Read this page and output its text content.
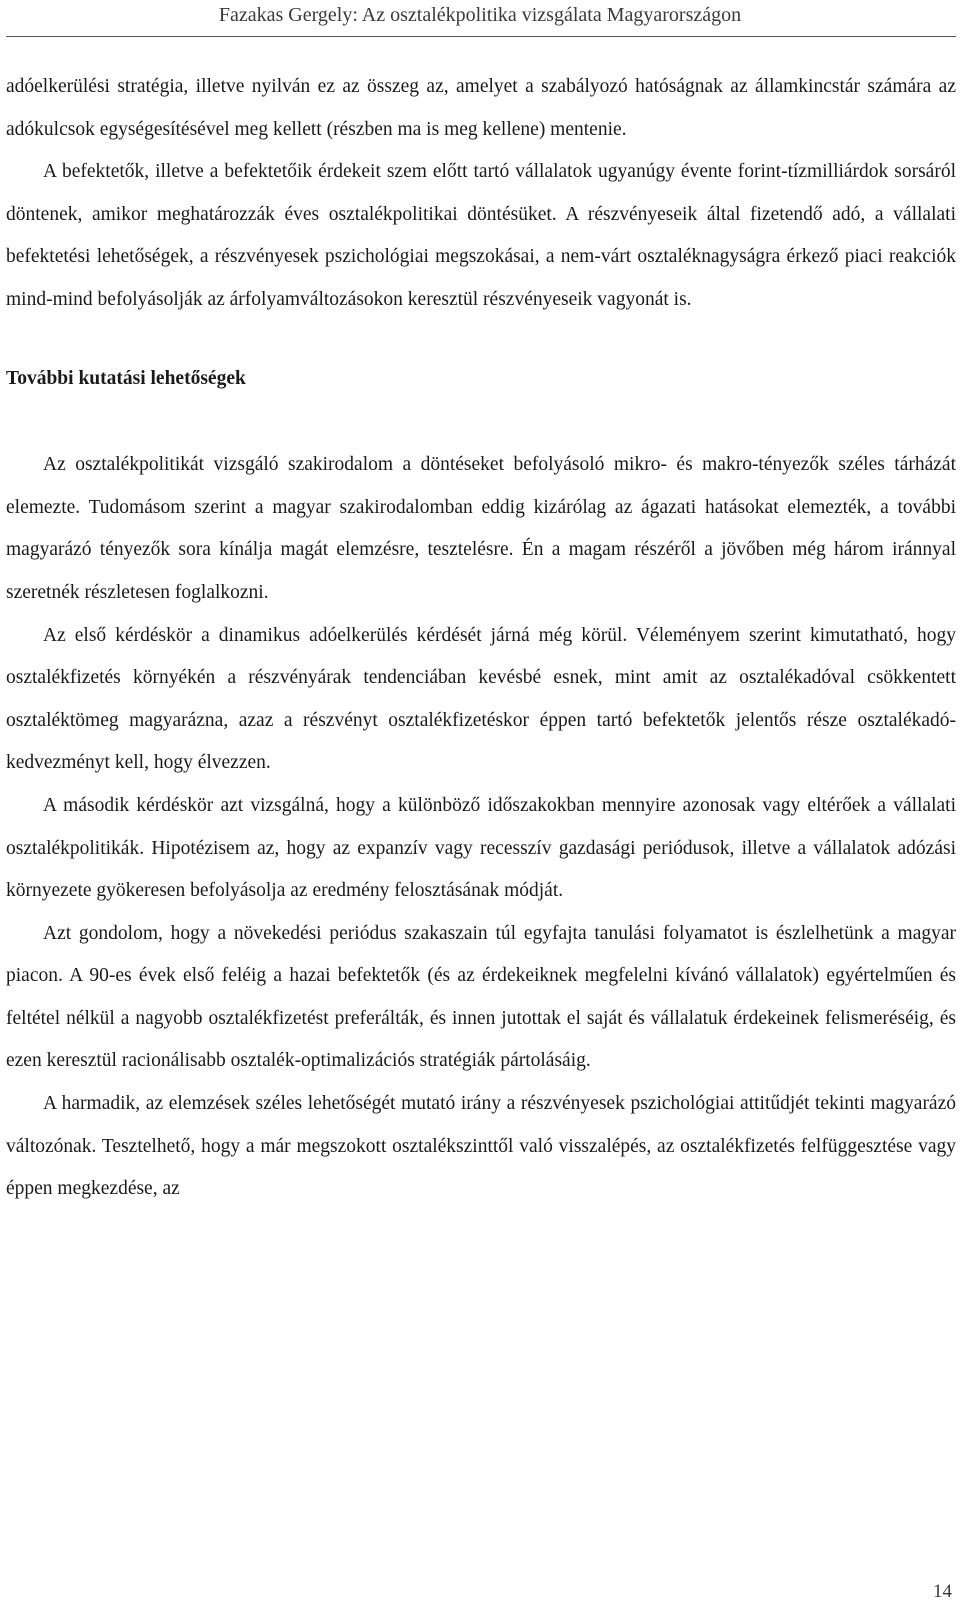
Fazakas Gergely: Az osztalékpolitika vizsgálata Magyarországon

adóelkerülési stratégia, illetve nyilván ez az összeg az, amelyet a szabályozó hatóságnak az államkincstár számára az adókulcsok egységesítésével meg kellett (részben ma is meg kellene) mentenie.

A befektetők, illetve a befektetőik érdekeit szem előtt tartó vállalatok ugyanúgy évente forint-tízmilliárdok sorsáról döntenek, amikor meghatározzák éves osztalékpolitikai döntésüket. A részvényeseik által fizetendő adó, a vállalati befektetési lehetőségek, a részvényesek pszichológiai megszokásai, a nem-várt osztaléknagyságra érkező piaci reakciók mind-mind befolyásolják az árfolyamváltozásokon keresztül részvényeseik vagyonát is.

További kutatási lehetőségek

Az osztalékpolitikát vizsgáló szakirodalom a döntéseket befolyásoló mikro- és makro-tényezők széles tárházát elemezte. Tudomásom szerint a magyar szakirodalomban eddig kizárólag az ágazati hatásokat elemezték, a további magyarázó tényezők sora kínálja magát elemzésre, tesztelésre. Én a magam részéről a jövőben még három iránnyal szeretnék részletesen foglalkozni.

Az első kérdéskör a dinamikus adóelkerülés kérdését járná még körül. Véleményem szerint kimutatható, hogy osztalékfizetés környékén a részvényárak tendenciában kevésbé esnek, mint amit az osztalékadóval csökkentett osztaléktömeg magyarázna, azaz a részvényt osztalékfizetéskor éppen tartó befektetők jelentős része osztalékadó-kedvezményt kell, hogy élvezzen.

A második kérdéskör azt vizsgálná, hogy a különböző időszakokban mennyire azonosak vagy eltérőek a vállalati osztalékpolitikák. Hipotézisem az, hogy az expanzív vagy recesszív gazdasági periódusok, illetve a vállalatok adózási környezete gyökeresen befolyásolja az eredmény felosztásának módját.

Azt gondolom, hogy a növekedési periódus szakaszain túl egyfajta tanulási folyamatot is észlelhetünk a magyar piacon. A 90-es évek első feléig a hazai befektetők (és az érdekeiknek megfelelni kívánó vállalatok) egyértelműen és feltétel nélkül a nagyobb osztalékfizetést preferálták, és innen jutottak el saját és vállalatuk érdekeinek felismeréséig, és ezen keresztül racionálisabb osztalék-optimalizációs stratégiák pártolásáig.

A harmadik, az elemzések széles lehetőségét mutató irány a részvényesek pszichológiai attitűdjét tekinti magyarázó változónak. Tesztelhető, hogy a már megszokott osztalékszinttől való visszalépés, az osztalékfizetés felfüggesztése vagy éppen megkezdése, az

14
